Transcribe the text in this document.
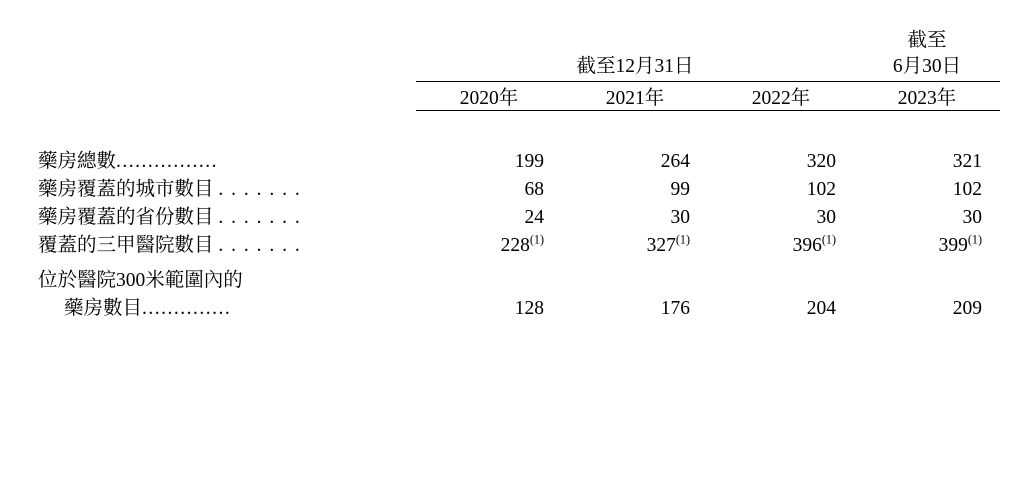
	截至12月31日			截至
6月30日

	2020年	2021年	2022年	2023年

藥房總數................	199	264	320	321
藥房覆蓋的城市數目 . . . . . . .	68	99	102	102
藥房覆蓋的省份數目 . . . . . . .	24	30	30	30
覆蓋的三甲醫院數目 . . . . . . .	228$^{(1)}$	327$^{(1)}$	396$^{(1)}$	399$^{(1)}$
位於醫院300米範圍內的				
藥房數目..............	128	176	204	209
